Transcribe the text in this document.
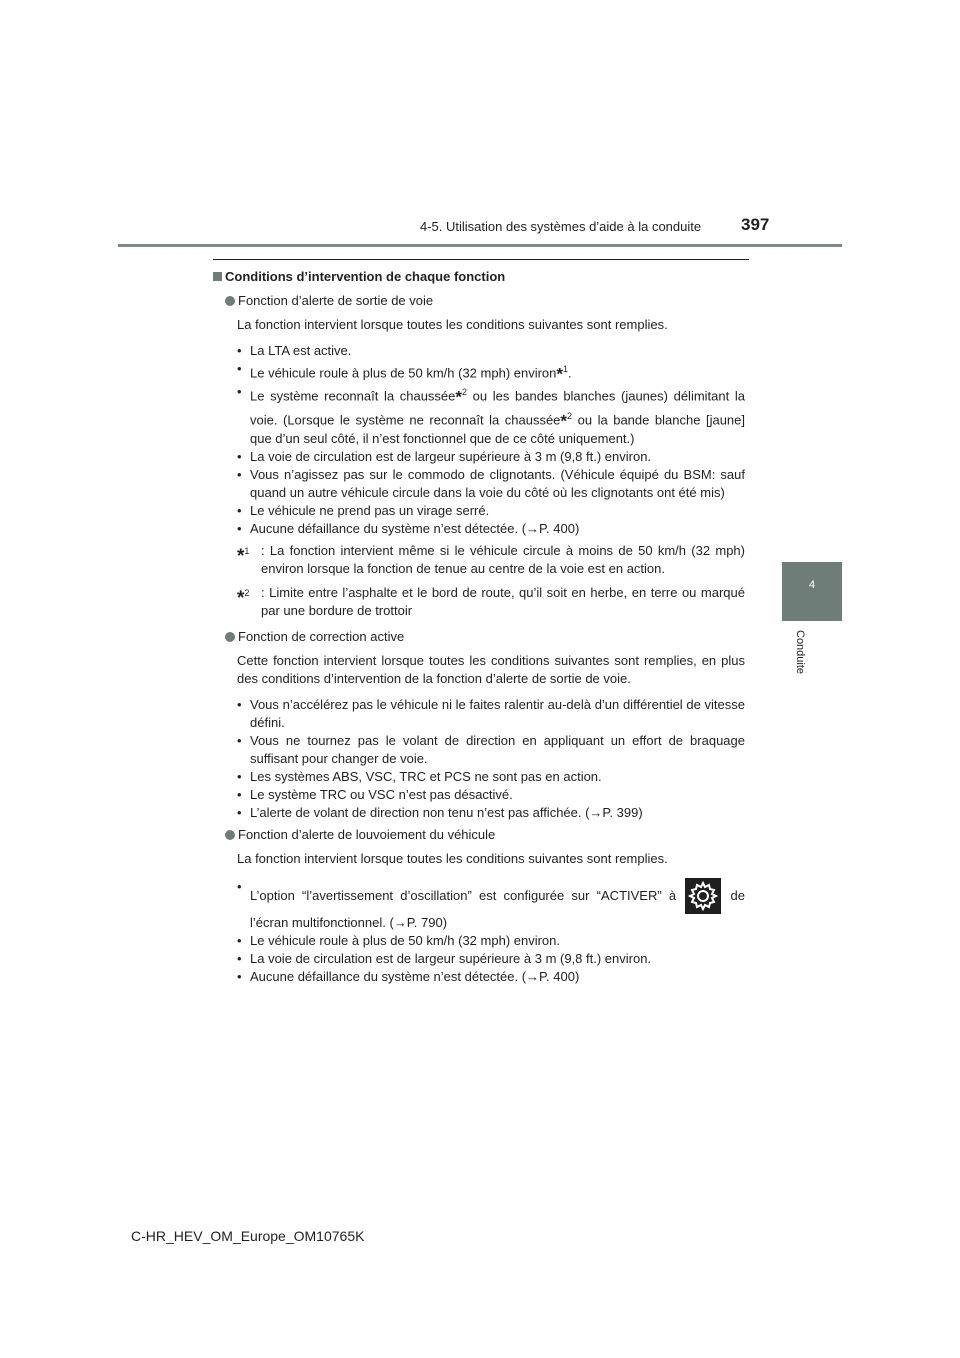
4-5. Utilisation des systèmes d’aide à la conduite 397
4
Conduite
Conditions d’intervention de chaque fonction
Fonction d’alerte de sortie de voie

La fonction intervient lorsque toutes les conditions suivantes sont remplies.

• La LTA est active.
• Le véhicule roule à plus de 50 km/h (32 mph) environ*$^1$.
• Le système reconnaît la chaussée*$^2$ ou les bandes blanches (jaunes) délimitant la voie. (Lorsque le système ne reconnaît la chaussée*$^2$ ou la bande blanche [jaune] que d’un seul côté, il n’est fonctionnel que de ce côté uniquement.)
• La voie de circulation est de largeur supérieure à 3 m (9,8 ft.) environ.
• Vous n’agissez pas sur le commodo de clignotants. (Véhicule équipé du BSM: sauf quand un autre véhicule circule dans la voie du côté où les clignotants ont été mis)
• Le véhicule ne prend pas un virage serré.
• Aucune défaillance du système n’est détectée. (→P. 400)
*$^1$ : La fonction intervient même si le véhicule circule à moins de 50 km/h (32 mph) environ lorsque la fonction de tenue au centre de la voie est en action.
*$^2$ : Limite entre l’asphalte et le bord de route, qu’il soit en herbe, en terre ou marqué par une bordure de trottoir
Fonction de correction active

Cette fonction intervient lorsque toutes les conditions suivantes sont remplies, en plus des conditions d’intervention de la fonction d’alerte de sortie de voie.

• Vous n’accélérez pas le véhicule ni le faites ralentir au-delà d’un différentiel de vitesse défini.
• Vous ne tournez pas le volant de direction en appliquant un effort de braquage suffisant pour changer de voie.
• Les systèmes ABS, VSC, TRC et PCS ne sont pas en action.
• Le système TRC ou VSC n’est pas désactivé.
• L’alerte de volant de direction non tenu n’est pas affichée. (→P. 399)
Fonction d’alerte de louvoiement du véhicule

La fonction intervient lorsque toutes les conditions suivantes sont remplies.

• L’option “l’avertissement d’oscillation” est configurée sur “ACTIVER” à	de l’écran multifonctionnel. (→P. 790)
• Le véhicule roule à plus de 50 km/h (32 mph) environ.
• La voie de circulation est de largeur supérieure à 3 m (9,8 ft.) environ.
• Aucune défaillance du système n’est détectée. (→P. 400)
C-HR_HEV_OM_Europe_OM10765K
